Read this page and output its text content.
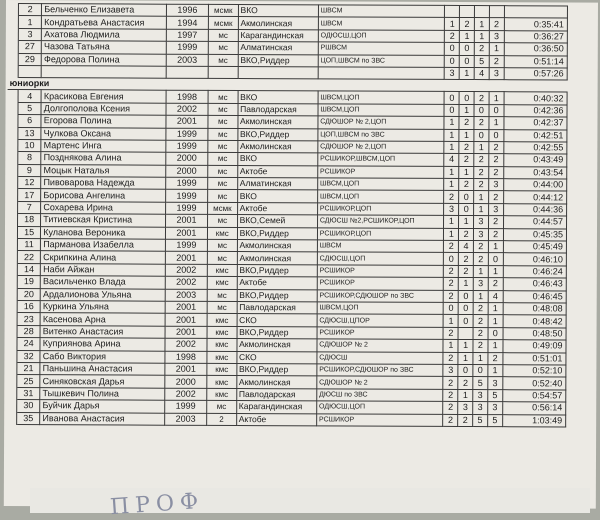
	2	Бельченко Елизавета	1996	мсмк	ВКО	ШВСМ					
	1	Кондратьева Анастасия	1994	мсмк	Акмолинская	ШВСМ	1	2	1	2	0:35:41
	3	Ахатова Людмила	1997	мс	Карагандинская	ОДЮСШ,ЦОП	2	1	1	3	0:36:27
	27	Чазова Татьяна	1999	мс	Алматинская	РШВСМ	0	0	2	1	0:36:50
	29	Федорова Полина	2003	мс	ВКО,Риддер	ЦОП,ШВСМ по ЗВС	0	0	5	2	0:51:14
							3	1	4	3	0:57:26
юниорки											
	4	Красикова Евгения	1998	мс	ВКО	ШВСМ,ЦОП	0	0	2	1	0:40:32
	5	Долгополова Ксения	2002	мс	Павлодарская	ШВСМ,ЦОП	0	1	0	0	0:42:36
	6	Егорова Полина	2001	мс	Акмолинская	СДЮШОР № 2,ЦОП	1	2	2	1	0:42:37
	13	Чулкова Оксана	1999	мс	ВКО,Риддер	ЦОП,ШВСМ по ЗВС	1	1	0	0	0:42:51
	10	Мартенс Инга	1999	мс	Акмолинская	СДЮШОР № 2,ЦОП	1	2	1	2	0:42:55
	8	Позднякова Алина	2000	мс	ВКО	РСШИКОР,ШВСМ,ЦОП	4	2	2	2	0:43:49
	9	Моцык Наталья	2000	мс	Актобе	РСШИКОР	1	1	2	2	0:43:54
	12	Пивоварова Надежда	1999	мс	Алматинская	ШВСМ,ЦОП	1	2	2	3	0:44:00
	17	Борисова Ангелина	1999	мс	ВКО	ШВСМ,ЦОП	2	0	1	2	0:44:12
	7	Сохарева Ирина	1999	мсмк	Актобе	РСШИКОР,ЦОП	3	0	1	3	0:44:36
	18	Титиевская Кристина	2001	мс	ВКО,Семей	СДЮСШ №2,РСШИКОР,ЦОП	1	1	3	2	0:44:57
	15	Куланова Вероника	2001	кмс	ВКО,Риддер	РСШИКОР,ЦОП	1	2	3	2	0:45:35
	11	Парманова Изабелла	1999	мс	Акмолинская	ШВСМ	2	4	2	1	0:45:49
	22	Скрипкина Алина	2001	мс	Акмолинская	СДЮСШ,ЦОП	0	2	2	0	0:46:10
	14	Наби Айжан	2002	кмс	ВКО,Риддер	РСШИКОР	2	2	1	1	0:46:24
	19	Васильченко Влада	2002	кмс	Актобе	РСШИКОР	2	1	3	2	0:46:43
	20	Ардалионова Ульяна	2003	мс	ВКО,Риддер	РСШИКОР,СДЮШОР по ЗВС	2	0	1	4	0:46:45
	16	Куркина Ульяна	2001	мс	Павлодарская	ШВСМ,ЦОП	0	0	2	1	0:48:08
	23	Касенова Арна	2001	кмс	СКО	СДЮСШ,ЦПОР	1	0	2	1	0:48:42
	28	Витенко Анастасия	2001	кмс	ВКО,Риддер	РСШИКОР	2		2	0	0:48:50
	24	Куприянова Арина	2002	кмс	Акмолинская	СДЮШОР № 2	1	1	2	1	0:49:09
	32	Сабо Виктория	1998	кмс	СКО	СДЮСШ	2	1	1	2	0:51:01
	21	Паньшина Анастасия	2001	кмс	ВКО,Риддер	РСШИКОР,СДЮШОР по ЗВС	3	0	0	1	0:52:10
	25	Синяковская Дарья	2000	кмс	Акмолинская	СДЮШОР № 2	2	2	5	3	0:52:40
	31	Тышкевич Полина	2002	кмс	Павлодарская	ДЮСШ по ЗВС	2	1	3	5	0:54:57
	30	Буйчик Дарья	1999	мс	Карагандинская	ОДЮСШ,ЦОП	2	3	3	3	0:56:14
	35	Иванова Анастасия	2003	2	Актобе	РСШИКОР	2	2	5	5	1:03:49
ПРОФ
